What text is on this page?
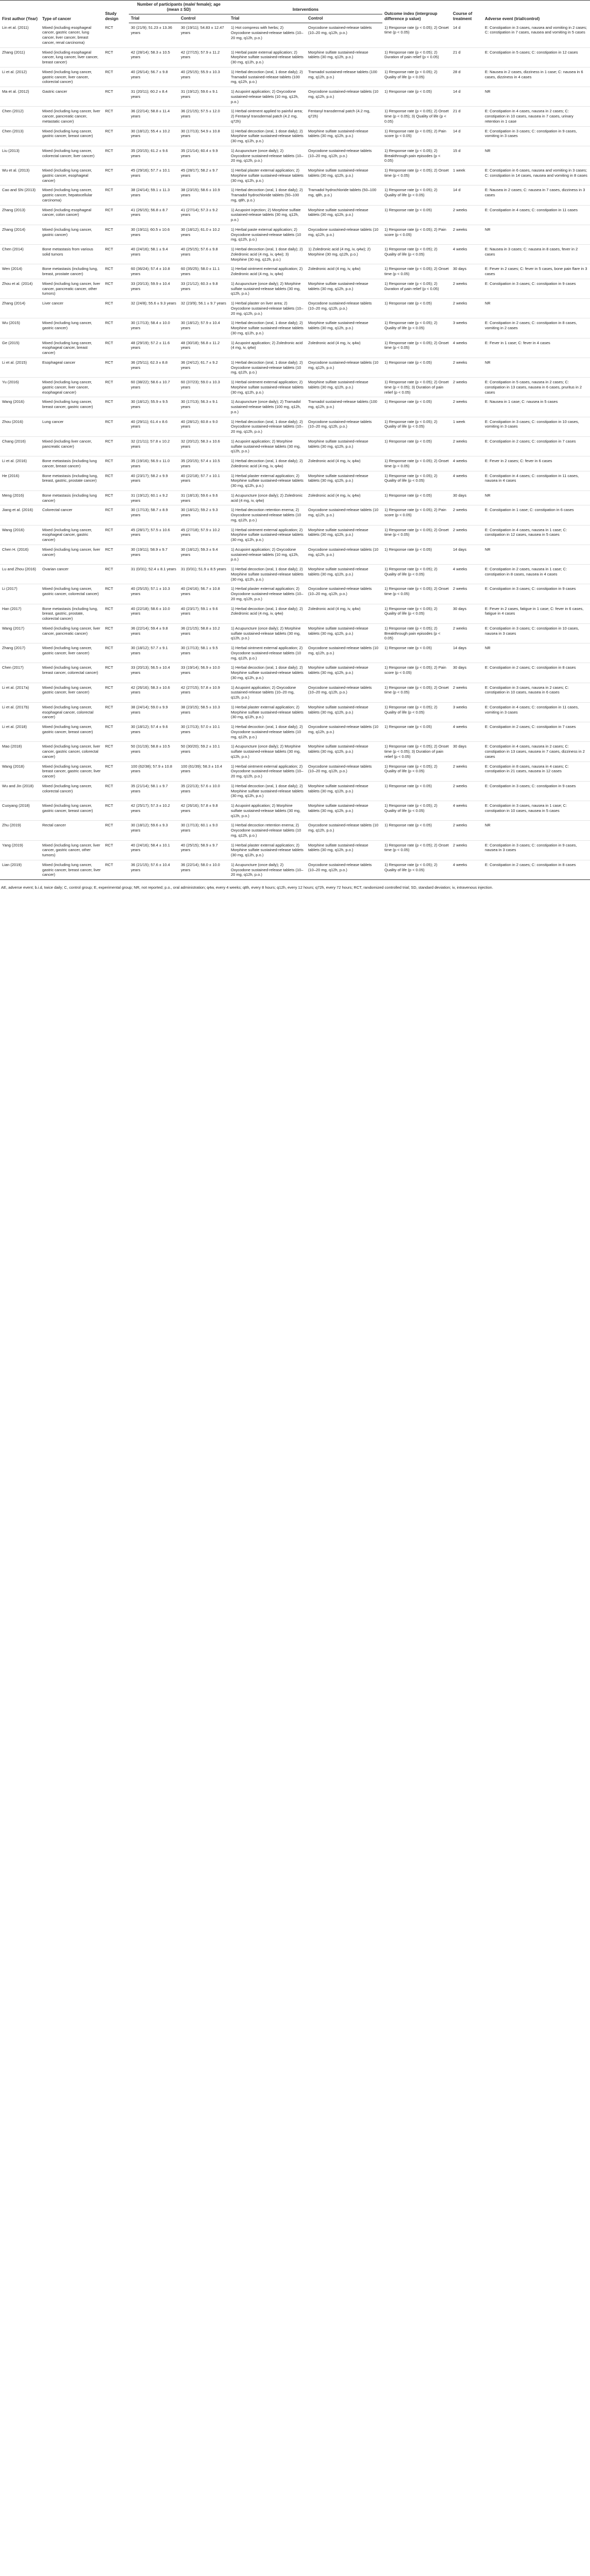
First author (Year)	Type of cancer	Study design	Number of participants (male/ female); age (mean ± SD)		Interventions		Outcome index (intergroup difference p value)	Course of treatment	Adverse event (trial/control)
			Trial	Control	Trial	Control			
Lin et al. (2011)	Mixed (including esophageal cancer, gastric cancer, lung cancer, liver cancer, breast cancer, renal carcinoma)	RCT	30 (21/9); 51.23 ± 13.36 years	30 (19/11); 54.83 ± 12.47 years	1) Hot compress with herbs; 2) Oxycodone sustained-release tablets (10–20 mg, q12h, p.o.)	Oxycodone sustained-release tablets (10–20 mg, q12h, p.o.)	1) Response rate (p < 0.05); 2) Onset time (p < 0.05)	14 d	E: Constipation in 3 cases, nausea and vomiting in 2 cases; C: constipation in 7 cases, nausea and vomiting in 5 cases
Zhang (2011)	Mixed (including esophageal cancer, lung cancer, liver cancer, breast cancer)	RCT	42 (28/14); 58.3 ± 10.5 years	42 (27/15); 57.9 ± 11.2 years	1) Herbal paste external application; 2) Morphine sulfate sustained-release tablets (30 mg, q12h, p.o.)	Morphine sulfate sustained-release tablets (30 mg, q12h, p.o.)	1) Response rate (p < 0.05); 2) Duration of pain relief (p < 0.05)	21 d	E: Constipation in 5 cases; C: constipation in 12 cases
Li et al. (2012)	Mixed (including lung cancer, gastric cancer, liver cancer, colorectal cancer)	RCT	40 (26/14); 56.7 ± 9.8 years	40 (25/15); 55.9 ± 10.3 years	1) Herbal decoction (oral, 1 dose daily); 2) Tramadol sustained-release tablets (100 mg, q12h, p.o.)	Tramadol sustained-release tablets (100 mg, q12h, p.o.)	1) Response rate (p < 0.05); 2) Quality of life (p < 0.05)	28 d	E: Nausea in 2 cases, dizziness in 1 case; C: nausea in 6 cases, dizziness in 4 cases
Ma et al. (2012)	Gastric cancer	RCT	31 (20/11); 60.2 ± 8.4 years	31 (19/12); 59.6 ± 9.1 years	1) Acupoint application; 2) Oxycodone sustained-release tablets (10 mg, q12h, p.o.)	Oxycodone sustained-release tablets (10 mg, q12h, p.o.)	1) Response rate (p < 0.05)	14 d	NR
Chen (2012)	Mixed (including lung cancer, liver cancer, pancreatic cancer, metastatic cancer)	RCT	36 (22/14); 58.8 ± 11.4 years	36 (21/15); 57.5 ± 12.0 years	1) Herbal ointment applied to painful area; 2) Fentanyl transdermal patch (4.2 mg, q72h)	Fentanyl transdermal patch (4.2 mg, q72h)	1) Response rate (p < 0.05); 2) Onset time (p < 0.05); 3) Quality of life (p < 0.05)	21 d	E: Constipation in 4 cases, nausea in 2 cases; C: constipation in 10 cases, nausea in 7 cases, urinary retention in 1 case
Chen (2013)	Mixed (including lung cancer, gastric cancer, breast cancer)	RCT	30 (18/12); 55.4 ± 10.2 years	30 (17/13); 54.9 ± 10.8 years	1) Herbal decoction (oral, 1 dose daily); 2) Morphine sulfate sustained-release tablets (30 mg, q12h, p.o.)	Morphine sulfate sustained-release tablets (30 mg, q12h, p.o.)	1) Response rate (p < 0.05); 2) Pain score (p < 0.05)	14 d	E: Constipation in 3 cases; C: constipation in 9 cases, vomiting in 3 cases
Liu (2013)	Mixed (including lung cancer, colorectal cancer, liver cancer)	RCT	35 (20/15); 61.2 ± 9.6 years	35 (21/14); 60.4 ± 9.9 years	1) Acupuncture (once daily); 2) Oxycodone sustained-release tablets (10–20 mg, q12h, p.o.)	Oxycodone sustained-release tablets (10–20 mg, q12h, p.o.)	1) Response rate (p < 0.05); 2) Breakthrough pain episodes (p < 0.05)	15 d	NR
Wu et al. (2013)	Mixed (including lung cancer, gastric cancer, esophageal cancer)	RCT	45 (29/16); 57.7 ± 10.1 years	45 (28/17); 58.2 ± 9.7 years	1) Herbal plaster external application; 2) Morphine sulfate sustained-release tablets (30 mg, q12h, p.o.)	Morphine sulfate sustained-release tablets (30 mg, q12h, p.o.)	1) Response rate (p < 0.05); 2) Onset time (p < 0.05)	1 week	E: Constipation in 6 cases, nausea and vomiting in 3 cases; C: constipation in 14 cases, nausea and vomiting in 8 cases
Cao and Shi (2013)	Mixed (including lung cancer, gastric cancer, hepatocellular carcinoma)	RCT	38 (24/14); 59.1 ± 11.3 years	38 (23/15); 58.6 ± 10.9 years	1) Herbal decoction (oral, 1 dose daily); 2) Tramadol hydrochloride tablets (50–100 mg, q8h, p.o.)	Tramadol hydrochloride tablets (50–100 mg, q8h, p.o.)	1) Response rate (p < 0.05); 2) Quality of life (p < 0.05)	14 d	E: Nausea in 2 cases; C: nausea in 7 cases, dizziness in 3 cases
Zhang (2013)	Mixed (including esophageal cancer, colon cancer)	RCT	41 (26/15); 56.8 ± 8.7 years	41 (27/14); 57.3 ± 9.2 years	1) Acupoint injection; 2) Morphine sulfate sustained-release tablets (30 mg, q12h, p.o.)	Morphine sulfate sustained-release tablets (30 mg, q12h, p.o.)	1) Response rate (p < 0.05)	2 weeks	E: Constipation in 4 cases; C: constipation in 11 cases
Zhang (2014)	Mixed (including lung cancer, gastric cancer)	RCT	30 (19/11); 60.5 ± 10.6 years	30 (18/12); 61.0 ± 10.2 years	1) Herbal paste external application; 2) Oxycodone sustained-release tablets (10 mg, q12h, p.o.)	Oxycodone sustained-release tablets (10 mg, q12h, p.o.)	1) Response rate (p < 0.05); 2) Pain score (p < 0.05)	2 weeks	NR
Chen (2014)	Bone metastasis from various solid tumors	RCT	40 (24/16); 58.1 ± 9.4 years	40 (25/15); 57.6 ± 9.8 years	1) Herbal decoction (oral, 1 dose daily); 2) Zoledronic acid (4 mg, iv, q4w); 3) Morphine (30 mg, q12h, p.o.)	1) Zoledronic acid (4 mg, iv, q4w); 2) Morphine (30 mg, q12h, p.o.)	1) Response rate (p < 0.05); 2) Quality of life (p < 0.05)	4 weeks	E: Nausea in 3 cases; C: nausea in 8 cases, fever in 2 cases
Wen (2014)	Bone metastasis (including lung, breast, prostate cancer)	RCT	60 (36/24); 57.4 ± 10.8 years	60 (35/25); 58.0 ± 11.1 years	1) Herbal ointment external application; 2) Zoledronic acid (4 mg, iv, q4w)	Zoledronic acid (4 mg, iv, q4w)	1) Response rate (p < 0.05); 2) Onset time (p < 0.05)	30 days	E: Fever in 2 cases; C: fever in 5 cases, bone pain flare in 3 cases
Zhou et al. (2014)	Mixed (including lung cancer, liver cancer, pancreatic cancer, other tumors)	RCT	33 (20/13); 59.9 ± 10.4 years	33 (21/12); 60.3 ± 9.8 years	1) Acupuncture (once daily); 2) Morphine sulfate sustained-release tablets (30 mg, q12h, p.o.)	Morphine sulfate sustained-release tablets (30 mg, q12h, p.o.)	1) Response rate (p < 0.05); 2) Duration of pain relief (p < 0.05)	2 weeks	E: Constipation in 3 cases; C: constipation in 9 cases
Zhang (2014)	Liver cancer	RCT	32 (24/8); 55.6 ± 9.3 years	32 (23/9); 56.1 ± 9.7 years	1) Herbal plaster on liver area; 2) Oxycodone sustained-release tablets (10–20 mg, q12h, p.o.)	Oxycodone sustained-release tablets (10–20 mg, q12h, p.o.)	1) Response rate (p < 0.05)	2 weeks	NR
Wu (2015)	Mixed (including lung cancer, gastric cancer)	RCT	30 (17/13); 58.4 ± 10.0 years	30 (18/12); 57.9 ± 10.4 years	1) Herbal decoction (oral, 1 dose daily); 2) Morphine sulfate sustained-release tablets (30 mg, q12h, p.o.)	Morphine sulfate sustained-release tablets (30 mg, q12h, p.o.)	1) Response rate (p < 0.05); 2) Quality of life (p < 0.05)	3 weeks	E: Constipation in 2 cases; C: constipation in 8 cases, vomiting in 2 cases
Ge (2015)	Mixed (including lung cancer, esophageal cancer, breast cancer)	RCT	48 (29/19); 57.2 ± 11.6 years	48 (30/18); 56.8 ± 11.2 years	1) Acupoint application; 2) Zoledronic acid (4 mg, iv, q4w)	Zoledronic acid (4 mg, iv, q4w)	1) Response rate (p < 0.05); 2) Onset time (p < 0.05)	4 weeks	E: Fever in 1 case; C: fever in 4 cases
Li et al. (2015)	Esophageal cancer	RCT	36 (25/11); 62.3 ± 8.8 years	36 (24/12); 61.7 ± 9.2 years	1) Herbal decoction (oral, 1 dose daily); 2) Oxycodone sustained-release tablets (10 mg, q12h, p.o.)	Oxycodone sustained-release tablets (10 mg, q12h, p.o.)	1) Response rate (p < 0.05)	2 weeks	NR
Yu (2016)	Mixed (including lung cancer, gastric cancer, liver cancer, esophageal cancer)	RCT	60 (38/22); 58.6 ± 10.7 years	60 (37/23); 59.0 ± 10.3 years	1) Herbal ointment external application; 2) Morphine sulfate sustained-release tablets (30 mg, q12h, p.o.)	Morphine sulfate sustained-release tablets (30 mg, q12h, p.o.)	1) Response rate (p < 0.05); 2) Onset time (p < 0.05); 3) Duration of pain relief (p < 0.05)	2 weeks	E: Constipation in 5 cases, nausea in 2 cases; C: constipation in 13 cases, nausea in 6 cases, pruritus in 2 cases
Wang (2016)	Mixed (including lung cancer, breast cancer, gastric cancer)	RCT	30 (18/12); 55.9 ± 9.5 years	30 (17/13); 56.3 ± 9.1 years	1) Acupuncture (once daily); 2) Tramadol sustained-release tablets (100 mg, q12h, p.o.)	Tramadol sustained-release tablets (100 mg, q12h, p.o.)	1) Response rate (p < 0.05)	2 weeks	E: Nausea in 1 case; C: nausea in 5 cases
Zhou (2016)	Lung cancer	RCT	40 (29/11); 61.4 ± 8.6 years	40 (28/12); 60.8 ± 9.0 years	1) Herbal decoction (oral, 1 dose daily); 2) Oxycodone sustained-release tablets (10–20 mg, q12h, p.o.)	Oxycodone sustained-release tablets (10–20 mg, q12h, p.o.)	1) Response rate (p < 0.05); 2) Quality of life (p < 0.05)	1 week	E: Constipation in 3 cases; C: constipation in 10 cases, vomiting in 3 cases
Chang (2016)	Mixed (including liver cancer, pancreatic cancer)	RCT	32 (21/11); 57.8 ± 10.2 years	32 (20/12); 58.3 ± 10.6 years	1) Acupoint application; 2) Morphine sulfate sustained-release tablets (30 mg, q12h, p.o.)	Morphine sulfate sustained-release tablets (30 mg, q12h, p.o.)	1) Response rate (p < 0.05)	2 weeks	E: Constipation in 2 cases; C: constipation in 7 cases
Li et al. (2016)	Bone metastasis (including lung cancer, breast cancer)	RCT	35 (19/16); 56.9 ± 11.0 years	35 (20/15); 57.4 ± 10.5 years	1) Herbal decoction (oral, 1 dose daily); 2) Zoledronic acid (4 mg, iv, q4w)	Zoledronic acid (4 mg, iv, q4w)	1) Response rate (p < 0.05); 2) Onset time (p < 0.05)	4 weeks	E: Fever in 2 cases; C: fever in 6 cases
He (2016)	Bone metastasis (including lung, breast, gastric, prostate cancer)	RCT	40 (23/17); 58.2 ± 9.9 years	40 (22/18); 57.7 ± 10.1 years	1) Herbal plaster external application; 2) Morphine sulfate sustained-release tablets (30 mg, q12h, p.o.)	Morphine sulfate sustained-release tablets (30 mg, q12h, p.o.)	1) Response rate (p < 0.05); 2) Quality of life (p < 0.05)	4 weeks	E: Constipation in 4 cases; C: constipation in 11 cases, nausea in 4 cases
Meng (2016)	Bone metastasis (including lung cancer)	RCT	31 (19/12); 60.1 ± 9.2 years	31 (18/13); 59.6 ± 9.6 years	1) Acupuncture (once daily); 2) Zoledronic acid (4 mg, iv, q4w)	Zoledronic acid (4 mg, iv, q4w)	1) Response rate (p < 0.05)	30 days	NR
Jiang et al. (2016)	Colorectal cancer	RCT	30 (17/13); 58.7 ± 8.9 years	30 (18/12); 59.2 ± 9.3 years	1) Herbal decoction retention enema; 2) Oxycodone sustained-release tablets (10 mg, q12h, p.o.)	Oxycodone sustained-release tablets (10 mg, q12h, p.o.)	1) Response rate (p < 0.05); 2) Pain score (p < 0.05)	2 weeks	E: Constipation in 1 case; C: constipation in 6 cases
Wang (2016)	Mixed (including lung cancer, esophageal cancer, gastric cancer)	RCT	45 (28/17); 57.5 ± 10.6 years	45 (27/18); 57.9 ± 10.2 years	1) Herbal ointment external application; 2) Morphine sulfate sustained-release tablets (30 mg, q12h, p.o.)	Morphine sulfate sustained-release tablets (30 mg, q12h, p.o.)	1) Response rate (p < 0.05); 2) Onset time (p < 0.05)	2 weeks	E: Constipation in 4 cases, nausea in 1 case; C: constipation in 12 cases, nausea in 5 cases
Chen H. (2016)	Mixed (including lung cancer, liver cancer)	RCT	30 (19/11); 58.9 ± 9.7 years	30 (18/12); 59.3 ± 9.4 years	1) Acupoint application; 2) Oxycodone sustained-release tablets (10 mg, q12h, p.o.)	Oxycodone sustained-release tablets (10 mg, q12h, p.o.)	1) Response rate (p < 0.05)	14 days	NR
Lu and Zhou (2016)	Ovarian cancer	RCT	31 (0/31); 52.4 ± 8.1 years	31 (0/31); 51.9 ± 8.5 years	1) Herbal decoction (oral, 1 dose daily); 2) Morphine sulfate sustained-release tablets (30 mg, q12h, p.o.)	Morphine sulfate sustained-release tablets (30 mg, q12h, p.o.)	1) Response rate (p < 0.05); 2) Quality of life (p < 0.05)	4 weeks	E: Constipation in 2 cases, nausea in 1 case; C: constipation in 8 cases, nausea in 4 cases
Li (2017)	Mixed (including lung cancer, gastric cancer, colorectal cancer)	RCT	40 (25/15); 57.1 ± 10.3 years	40 (24/16); 56.7 ± 10.8 years	1) Herbal plaster external application; 2) Oxycodone sustained-release tablets (10–20 mg, q12h, p.o.)	Oxycodone sustained-release tablets (10–20 mg, q12h, p.o.)	1) Response rate (p < 0.05); 2) Onset time (p < 0.05)	2 weeks	E: Constipation in 3 cases; C: constipation in 9 cases
Han (2017)	Bone metastasis (including lung, breast, gastric, prostate, colorectal cancer)	RCT	40 (22/18); 58.6 ± 10.0 years	40 (23/17); 59.1 ± 9.6 years	1) Herbal decoction (oral, 1 dose daily); 2) Zoledronic acid (4 mg, iv, q4w)	Zoledronic acid (4 mg, iv, q4w)	1) Response rate (p < 0.05); 2) Quality of life (p < 0.05)	30 days	E: Fever in 2 cases, fatigue in 1 case; C: fever in 6 cases, fatigue in 4 cases
Wang (2017)	Mixed (including lung cancer, liver cancer, pancreatic cancer)	RCT	36 (22/14); 59.4 ± 9.8 years	36 (21/15); 58.8 ± 10.2 years	1) Acupuncture (once daily); 2) Morphine sulfate sustained-release tablets (30 mg, q12h, p.o.)	Morphine sulfate sustained-release tablets (30 mg, q12h, p.o.)	1) Response rate (p < 0.05); 2) Breakthrough pain episodes (p < 0.05)	2 weeks	E: Constipation in 3 cases; C: constipation in 10 cases, nausea in 3 cases
Zhang (2017)	Mixed (including lung cancer, gastric cancer, liver cancer)	RCT	30 (18/12); 57.7 ± 9.1 years	30 (17/13); 58.1 ± 9.5 years	1) Herbal ointment external application; 2) Oxycodone sustained-release tablets (10 mg, q12h, p.o.)	Oxycodone sustained-release tablets (10 mg, q12h, p.o.)	1) Response rate (p < 0.05)	14 days	NR
Chen (2017)	Mixed (including lung cancer, breast cancer, colorectal cancer)	RCT	33 (20/13); 56.5 ± 10.4 years	33 (19/14); 56.9 ± 10.0 years	1) Herbal decoction (oral, 1 dose daily); 2) Morphine sulfate sustained-release tablets (30 mg, q12h, p.o.)	Morphine sulfate sustained-release tablets (30 mg, q12h, p.o.)	1) Response rate (p < 0.05); 2) Pain score (p < 0.05)	30 days	E: Constipation in 2 cases; C: constipation in 8 cases
Li et al. (2017a)	Mixed (including lung cancer, gastric cancer, liver cancer)	RCT	42 (26/16); 58.3 ± 10.6 years	42 (27/15); 57.8 ± 10.9 years	1) Acupoint application; 2) Oxycodone sustained-release tablets (10–20 mg, q12h, p.o.)	Oxycodone sustained-release tablets (10–20 mg, q12h, p.o.)	1) Response rate (p < 0.05); 2) Onset time (p < 0.05)	2 weeks	E: Constipation in 3 cases, nausea in 2 cases; C: constipation in 10 cases, nausea in 6 cases
Li et al. (2017b)	Mixed (including lung cancer, esophageal cancer, colorectal cancer)	RCT	38 (24/14); 59.0 ± 9.9 years	38 (23/15); 58.5 ± 10.3 years	1) Herbal plaster external application; 2) Morphine sulfate sustained-release tablets (30 mg, q12h, p.o.)	Morphine sulfate sustained-release tablets (30 mg, q12h, p.o.)	1) Response rate (p < 0.05); 2) Quality of life (p < 0.05)	3 weeks	E: Constipation in 4 cases; C: constipation in 11 cases, vomiting in 3 cases
Li et al. (2018)	Mixed (including lung cancer, gastric cancer, breast cancer)	RCT	30 (18/12); 57.4 ± 9.6 years	30 (17/13); 57.0 ± 10.1 years	1) Herbal decoction (oral, 1 dose daily); 2) Oxycodone sustained-release tablets (10 mg, q12h, p.o.)	Oxycodone sustained-release tablets (10 mg, q12h, p.o.)	1) Response rate (p < 0.05)	4 weeks	E: Constipation in 2 cases; C: constipation in 7 cases
Mao (2018)	Mixed (including lung cancer, liver cancer, gastric cancer, colorectal cancer)	RCT	50 (31/19); 58.8 ± 10.5 years	50 (30/20); 59.2 ± 10.1 years	1) Acupuncture (once daily); 2) Morphine sulfate sustained-release tablets (30 mg, q12h, p.o.)	Morphine sulfate sustained-release tablets (30 mg, q12h, p.o.)	1) Response rate (p < 0.05); 2) Onset time (p < 0.05); 3) Duration of pain relief (p < 0.05)	30 days	E: Constipation in 4 cases, nausea in 2 cases; C: constipation in 13 cases, nausea in 7 cases, dizziness in 2 cases
Wang (2018)	Mixed (including lung cancer, breast cancer, gastric cancer, liver cancer)	RCT	100 (62/38); 57.9 ± 10.8 years	100 (61/39); 58.3 ± 10.4 years	1) Herbal ointment external application; 2) Oxycodone sustained-release tablets (10–20 mg, q12h, p.o.)	Oxycodone sustained-release tablets (10–20 mg, q12h, p.o.)	1) Response rate (p < 0.05); 2) Quality of life (p < 0.05)	2 weeks	E: Constipation in 8 cases, nausea in 4 cases; C: constipation in 21 cases, nausea in 12 cases
Wu and Jin (2018)	Mixed (including lung cancer, colorectal cancer)	RCT	35 (21/14); 58.1 ± 9.7 years	35 (22/13); 57.6 ± 10.0 years	1) Herbal decoction (oral, 1 dose daily); 2) Morphine sulfate sustained-release tablets (30 mg, q12h, p.o.)	Morphine sulfate sustained-release tablets (30 mg, q12h, p.o.)	1) Response rate (p < 0.05)	2 weeks	E: Constipation in 3 cases; C: constipation in 9 cases
Cuoyang (2018)	Mixed (including lung cancer, gastric cancer, breast cancer)	RCT	42 (25/17); 57.3 ± 10.2 years	42 (26/16); 57.8 ± 9.8 years	1) Acupoint application; 2) Morphine sulfate sustained-release tablets (30 mg, q12h, p.o.)	Morphine sulfate sustained-release tablets (30 mg, q12h, p.o.)	1) Response rate (p < 0.05); 2) Quality of life (p < 0.05)	4 weeks	E: Constipation in 3 cases, nausea in 1 case; C: constipation in 10 cases, nausea in 5 cases
Zhu (2019)	Rectal cancer	RCT	30 (18/12); 59.6 ± 9.3 years	30 (17/13); 60.1 ± 9.0 years	1) Herbal decoction retention enema; 2) Oxycodone sustained-release tablets (10 mg, q12h, p.o.)	Oxycodone sustained-release tablets (10 mg, q12h, p.o.)	1) Response rate (p < 0.05)	2 weeks	NR
Yang (2019)	Mixed (including lung cancer, liver cancer, gastric cancer, other tumors)	RCT	40 (24/16); 58.4 ± 10.1 years	40 (25/15); 58.9 ± 9.7 years	1) Herbal plaster external application; 2) Morphine sulfate sustained-release tablets (30 mg, q12h, p.o.)	Morphine sulfate sustained-release tablets (30 mg, q12h, p.o.)	1) Response rate (p < 0.05); 2) Onset time (p < 0.05)	2 weeks	E: Constipation in 3 cases; C: constipation in 9 cases, nausea in 3 cases
Lian (2019)	Mixed (including lung cancer, gastric cancer, breast cancer, liver cancer)	RCT	36 (21/15); 57.6 ± 10.4 years	36 (22/14); 58.0 ± 10.0 years	1) Acupuncture (once daily); 2) Oxycodone sustained-release tablets (10–20 mg, q12h, p.o.)	Oxycodone sustained-release tablets (10–20 mg, q12h, p.o.)	1) Response rate (p < 0.05); 2) Quality of life (p < 0.05)	4 weeks	E: Constipation in 2 cases; C: constipation in 8 cases
AE, adverse event; b.i.d, twice daily; C, control group; E, experimental group; NR, not reported; p.o., oral administration; q4w, every 4 weeks; q8h, every 8 hours; q12h, every 12 hours; q72h, every 72 hours; RCT, randomized controlled trial; SD, standard deviation; iv, intravenous injection.
